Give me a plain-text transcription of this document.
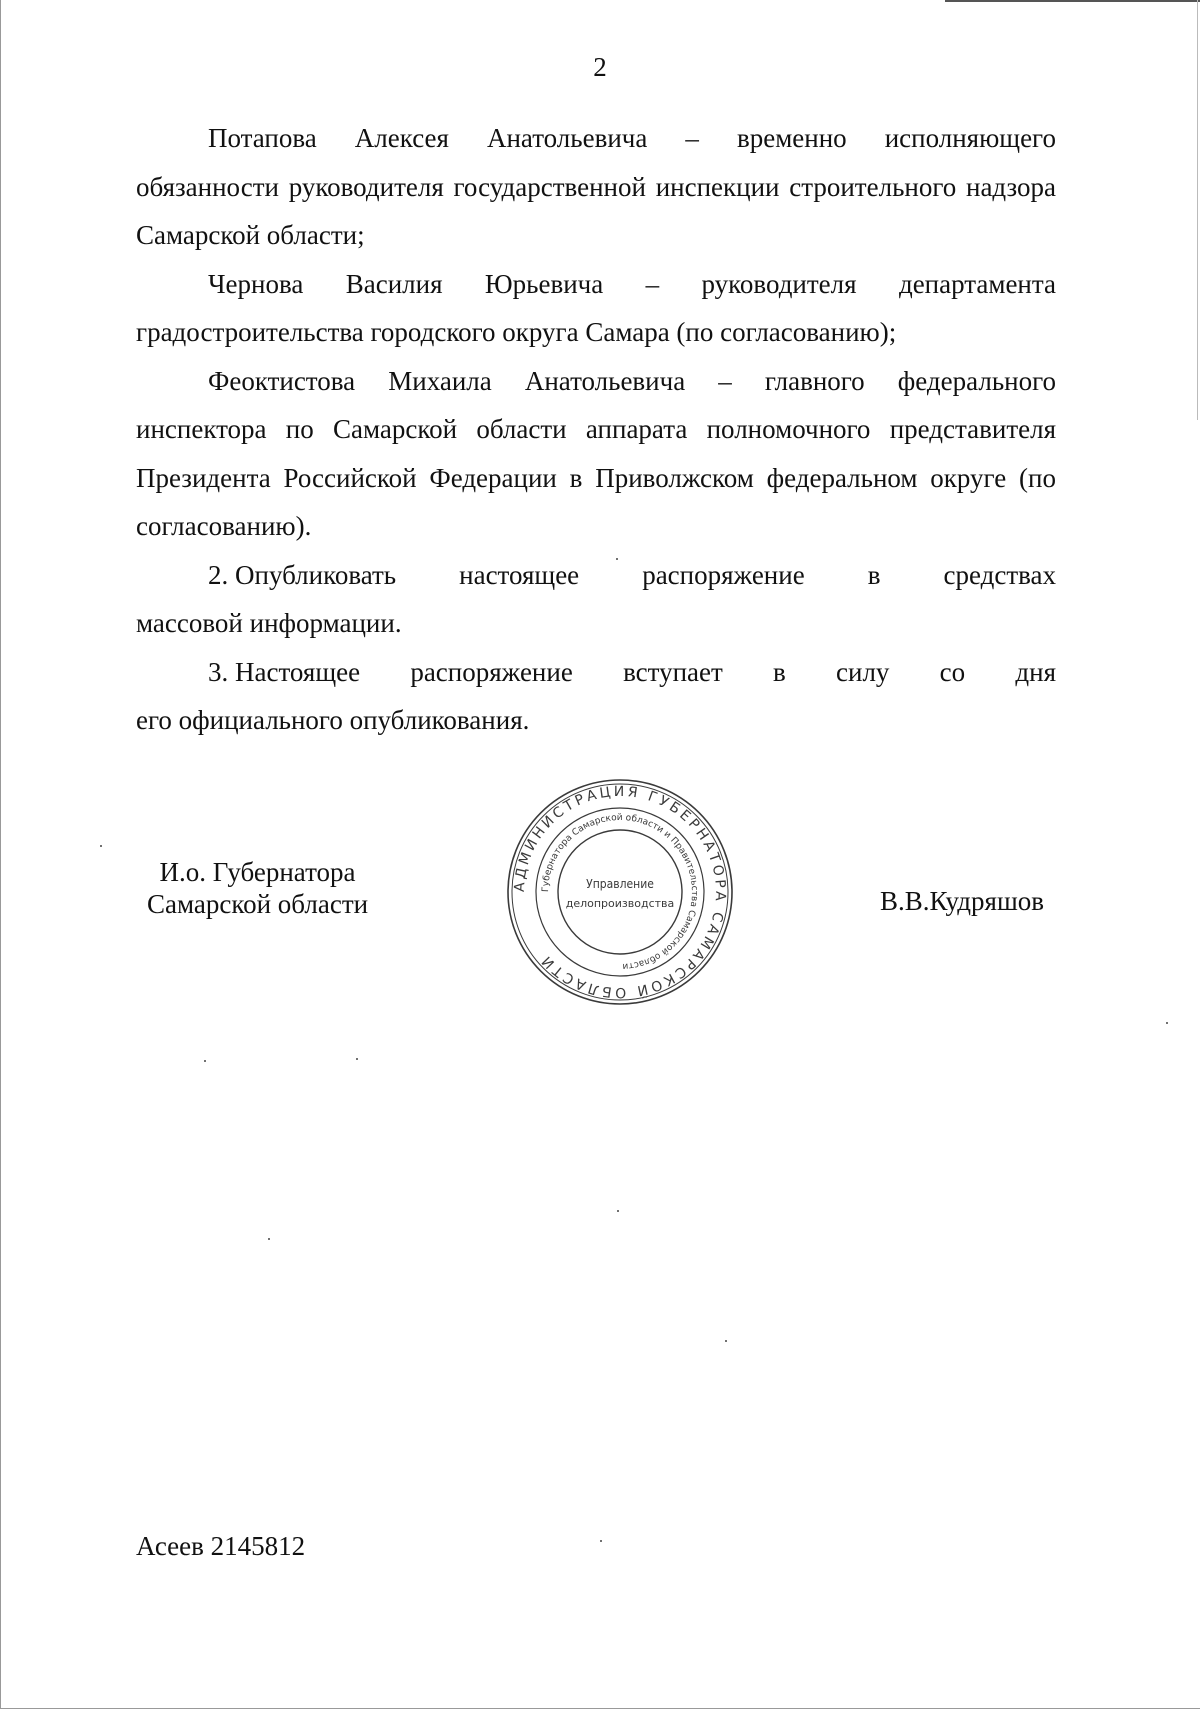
2
Потапова Алексея Анатольевича – временно исполняющего
обязанности руководителя государственной инспекции строительного надзора Самарской области;
Чернова Василия Юрьевича – руководителя департамента
градостроительства городского округа Самара (по согласованию);
Феоктистова Михаила Анатольевича – главного федерального инспектора по Самарской области аппарата полномочного представителя Президента Российской Федерации в Приволжском федеральном округе (по согласованию).
2. Опубликовать настоящее распоряжение в средствах
массовой информации.
3. Настоящее распоряжение вступает в силу со дня
его официального опубликования.
И.о. Губернатора
Самарской области
АДМИНИСТРАЦИЯ ГУБЕРНАТОРА САМАРСКОЙ ОБЛАСТИ
Губернатора Самарской области и Правительства Самарской области
Управление
делопроизводства	В.В.Кудряшов
Асеев 2145812
